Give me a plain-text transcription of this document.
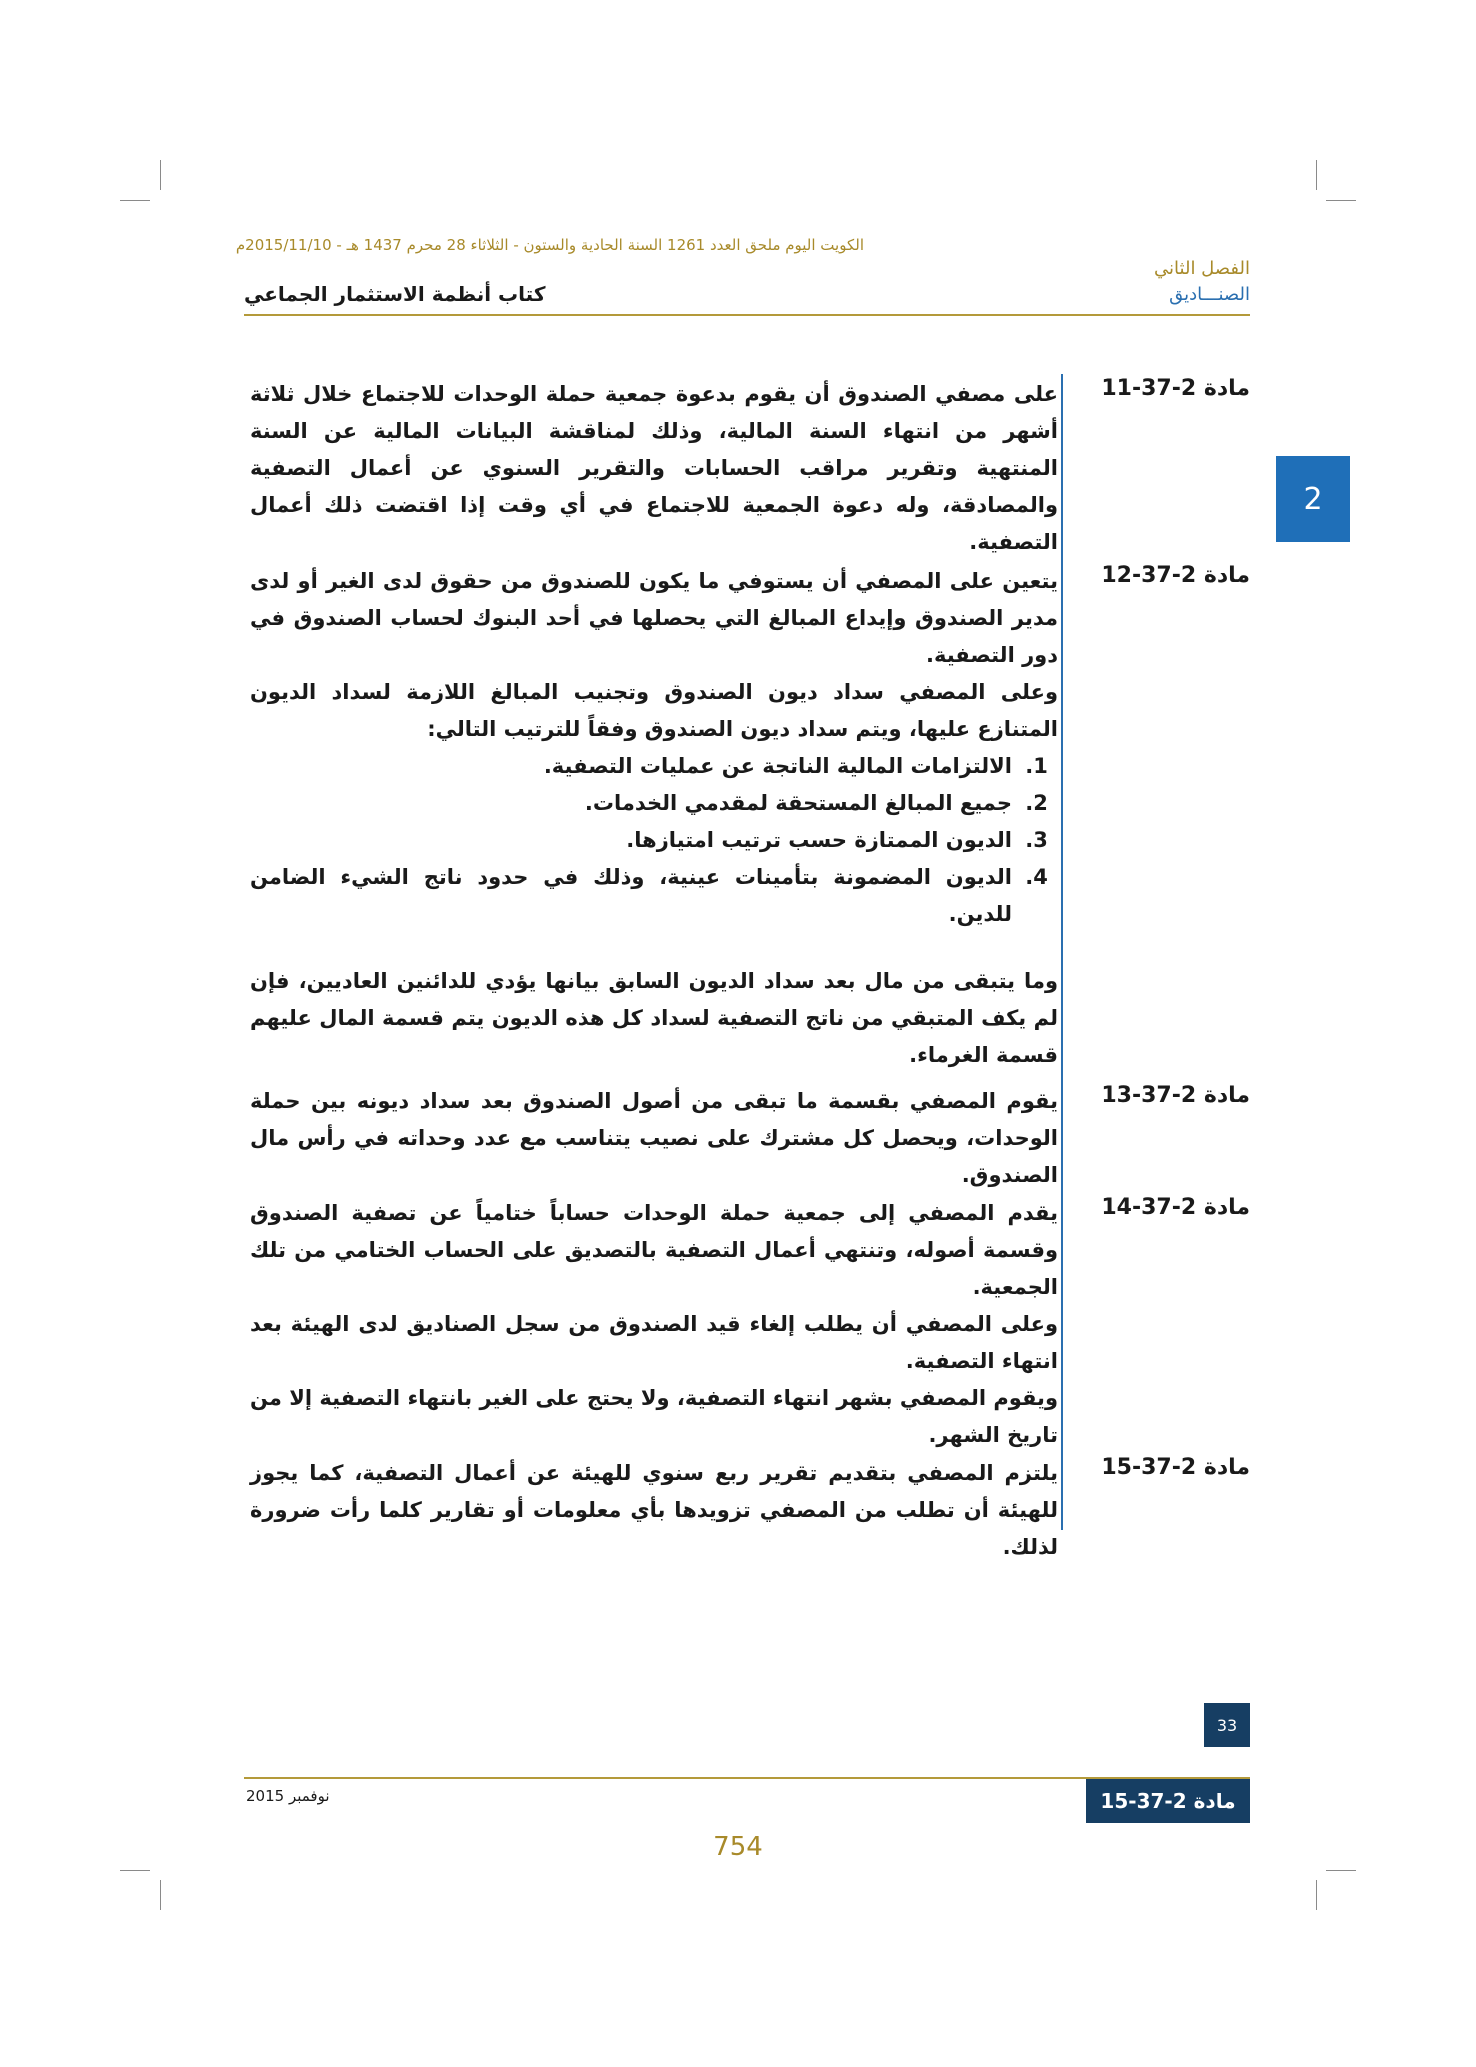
الكويت اليوم ملحق العدد 1261 السنة الحادية والستون - الثلاثاء 28 محرم 1437 هـ - 2015/11/10م
الفصل الثاني
الصنـــاديق
كتاب أنظمة الاستثمار الجماعي
2
مادة 2-37-11

على مصفي الصندوق أن يقوم بدعوة جمعية حملة الوحدات للاجتماع خلال ثلاثة أشهر من انتهاء السنة المالية، وذلك لمناقشة البيانات المالية عن السنة المنتهية وتقرير مراقب الحسابات والتقرير السنوي عن أعمال التصفية والمصادقة، وله دعوة الجمعية للاجتماع في أي وقت إذا اقتضت ذلك أعمال التصفية.

مادة 2-37-12

يتعين على المصفي أن يستوفي ما يكون للصندوق من حقوق لدى الغير أو لدى مدير الصندوق وإيداع المبالغ التي يحصلها في أحد البنوك لحساب الصندوق في دور التصفية.

وعلى المصفي سداد ديون الصندوق وتجنيب المبالغ اللازمة لسداد الديون المتنازع عليها، ويتم سداد ديون الصندوق وفقاً للترتيب التالي:

1. الالتزامات المالية الناتجة عن عمليات التصفية.
2. جميع المبالغ المستحقة لمقدمي الخدمات.
3. الديون الممتازة حسب ترتيب امتيازها.
4. الديون المضمونة بتأمينات عينية، وذلك في حدود ناتج الشيء الضامن للدين.

وما يتبقى من مال بعد سداد الديون السابق بيانها يؤدي للدائنين العاديين، فإن لم يكف المتبقي من ناتج التصفية لسداد كل هذه الديون يتم قسمة المال عليهم قسمة الغرماء.

مادة 2-37-13

يقوم المصفي بقسمة ما تبقى من أصول الصندوق بعد سداد ديونه بين حملة الوحدات، ويحصل كل مشترك على نصيب يتناسب مع عدد وحداته في رأس مال الصندوق.

مادة 2-37-14

يقدم المصفي إلى جمعية حملة الوحدات حساباً ختامياً عن تصفية الصندوق وقسمة أصوله، وتنتهي أعمال التصفية بالتصديق على الحساب الختامي من تلك الجمعية.

وعلى المصفي أن يطلب إلغاء قيد الصندوق من سجل الصناديق لدى الهيئة بعد انتهاء التصفية.

ويقوم المصفي بشهر انتهاء التصفية، ولا يحتج على الغير بانتهاء التصفية إلا من تاريخ الشهر.

مادة 2-37-15

يلتزم المصفي بتقديم تقرير ربع سنوي للهيئة عن أعمال التصفية، كما يجوز للهيئة أن تطلب من المصفي تزويدها بأي معلومات أو تقارير كلما رأت ضرورة لذلك.

33
نوفمبر 2015	مادة 2-37-15
754
